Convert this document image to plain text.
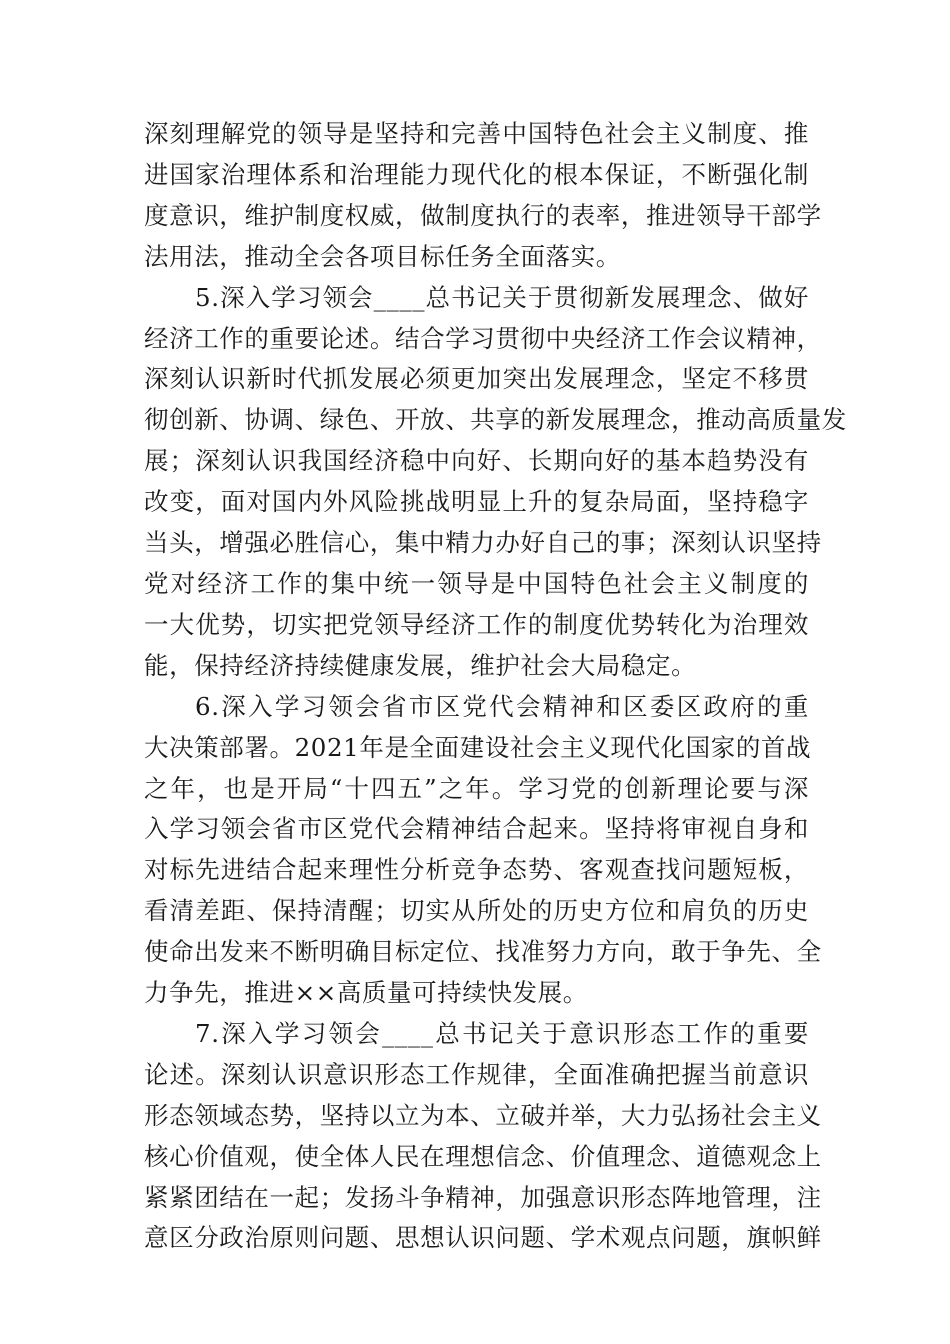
深刻理解党的领导是坚持和完善中国特色社会主义制度、推
进国家治理体系和治理能力现代化的根本保证，不断强化制
度意识，维护制度权威，做制度执行的表率，推进领导干部学
法用法，推动全会各项目标任务全面落实。

5.深入学习领会____总书记关于贯彻新发展理念、做好
经济工作的重要论述。结合学习贯彻中央经济工作会议精神，
深刻认识新时代抓发展必须更加突出发展理念，坚定不移贯
彻创新、协调、绿色、开放、共享的新发展理念，推动高质量发
展；深刻认识我国经济稳中向好、长期向好的基本趋势没有
改变，面对国内外风险挑战明显上升的复杂局面，坚持稳字
当头，增强必胜信心，集中精力办好自己的事；深刻认识坚持
党对经济工作的集中统一领导是中国特色社会主义制度的
一大优势，切实把党领导经济工作的制度优势转化为治理效
能，保持经济持续健康发展，维护社会大局稳定。

6.深入学习领会省市区党代会精神和区委区政府的重
大决策部署。2021年是全面建设社会主义现代化国家的首战
之年，也是开局“十四五”之年。学习党的创新理论要与深
入学习领会省市区党代会精神结合起来。坚持将审视自身和
对标先进结合起来理性分析竞争态势、客观查找问题短板，
看清差距、保持清醒；切实从所处的历史方位和肩负的历史
使命出发来不断明确目标定位、找准努力方向，敢于争先、全
力争先，推进××高质量可持续快发展。

7.深入学习领会____总书记关于意识形态工作的重要
论述。深刻认识意识形态工作规律，全面准确把握当前意识
形态领域态势，坚持以立为本、立破并举，大力弘扬社会主义
核心价值观，使全体人民在理想信念、价值理念、道德观念上
紧紧团结在一起；发扬斗争精神，加强意识形态阵地管理，注
意区分政治原则问题、思想认识问题、学术观点问题，旗帜鲜
